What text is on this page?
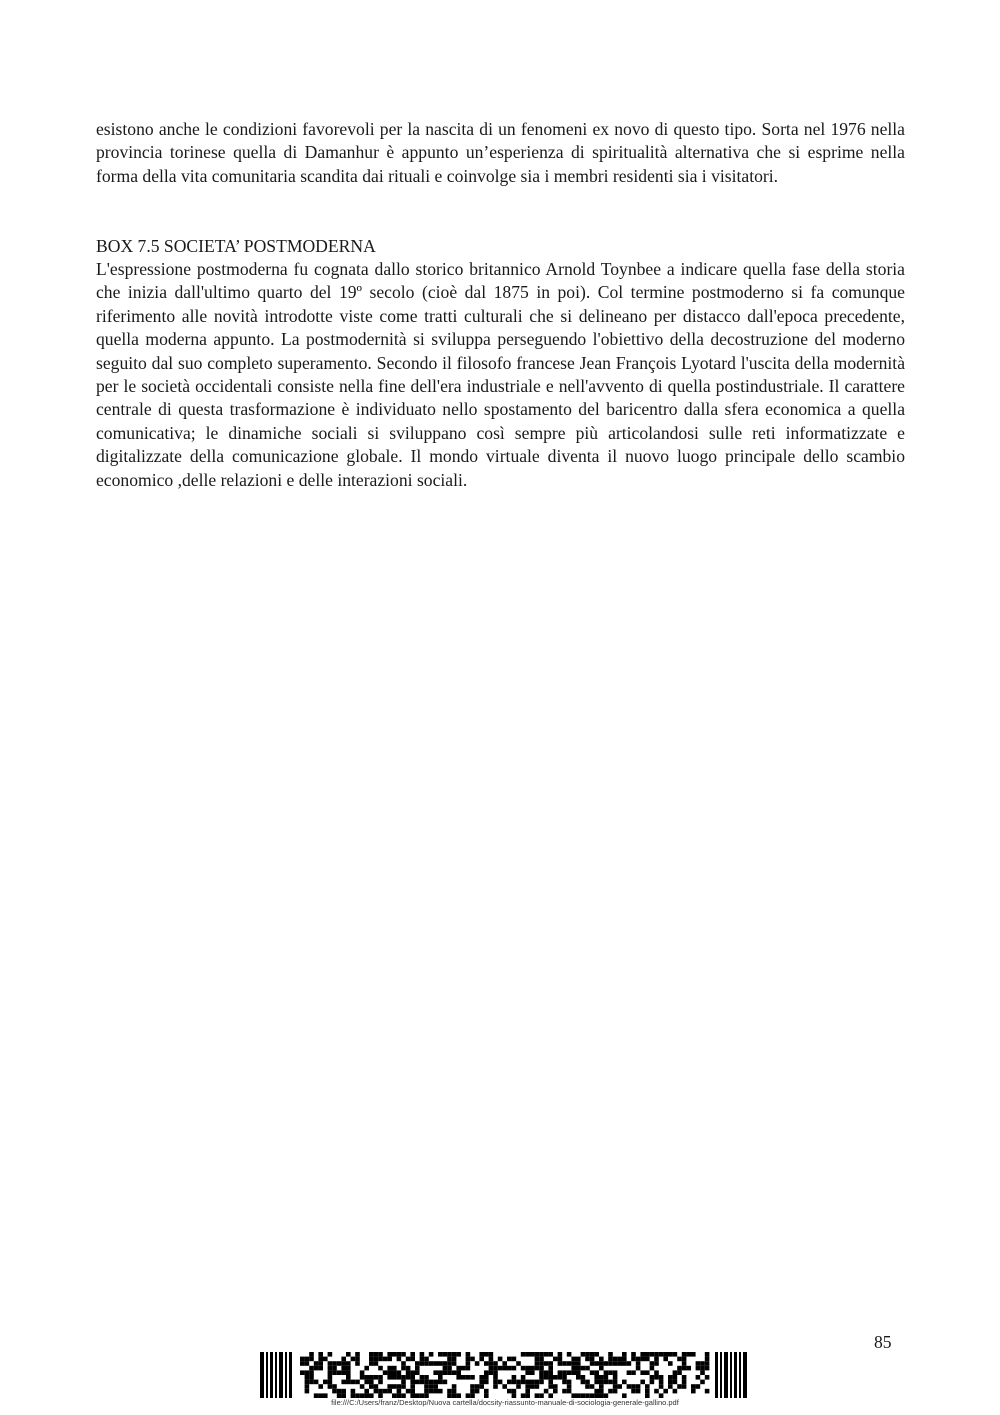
esistono anche le condizioni favorevoli per la nascita di un fenomeni ex novo di questo tipo. Sorta nel 1976 nella provincia torinese quella di Damanhur è appunto un’esperienza di spiritualità alternativa che si esprime nella forma della vita comunitaria scandita dai rituali e coinvolge sia i membri residenti sia i visitatori.

BOX 7.5 SOCIETA’ POSTMODERNA

L'espressione postmoderna fu cognata dallo storico britannico Arnold Toynbee a indicare quella fase della storia che inizia dall'ultimo quarto del 19º secolo (cioè dal 1875 in poi). Col termine postmoderno si fa comunque riferimento alle novità introdotte viste come tratti culturali che si delineano per distacco dall'epoca precedente, quella moderna appunto. La postmodernità si sviluppa perseguendo l'obiettivo della decostruzione del moderno seguito dal suo completo superamento. Secondo il filosofo francese Jean François Lyotard l'uscita della modernità per le società occidentali consiste nella fine dell'era industriale e nell'avvento di quella postindustriale. Il carattere centrale di questa trasformazione è individuato nello spostamento del baricentro dalla sfera economica a quella comunicativa; le dinamiche sociali si sviluppano così sempre più articolandosi sulle reti informatizzate e digitalizzate della comunicazione globale. Il mondo virtuale diventa il nuovo luogo principale dello scambio economico ,delle relazioni e delle interazioni sociali.

85
file:///C:/Users/franz/Desktop/Nuova cartella/docsity-riassunto-manuale-di-sociologia-generale-gallino.pdf
